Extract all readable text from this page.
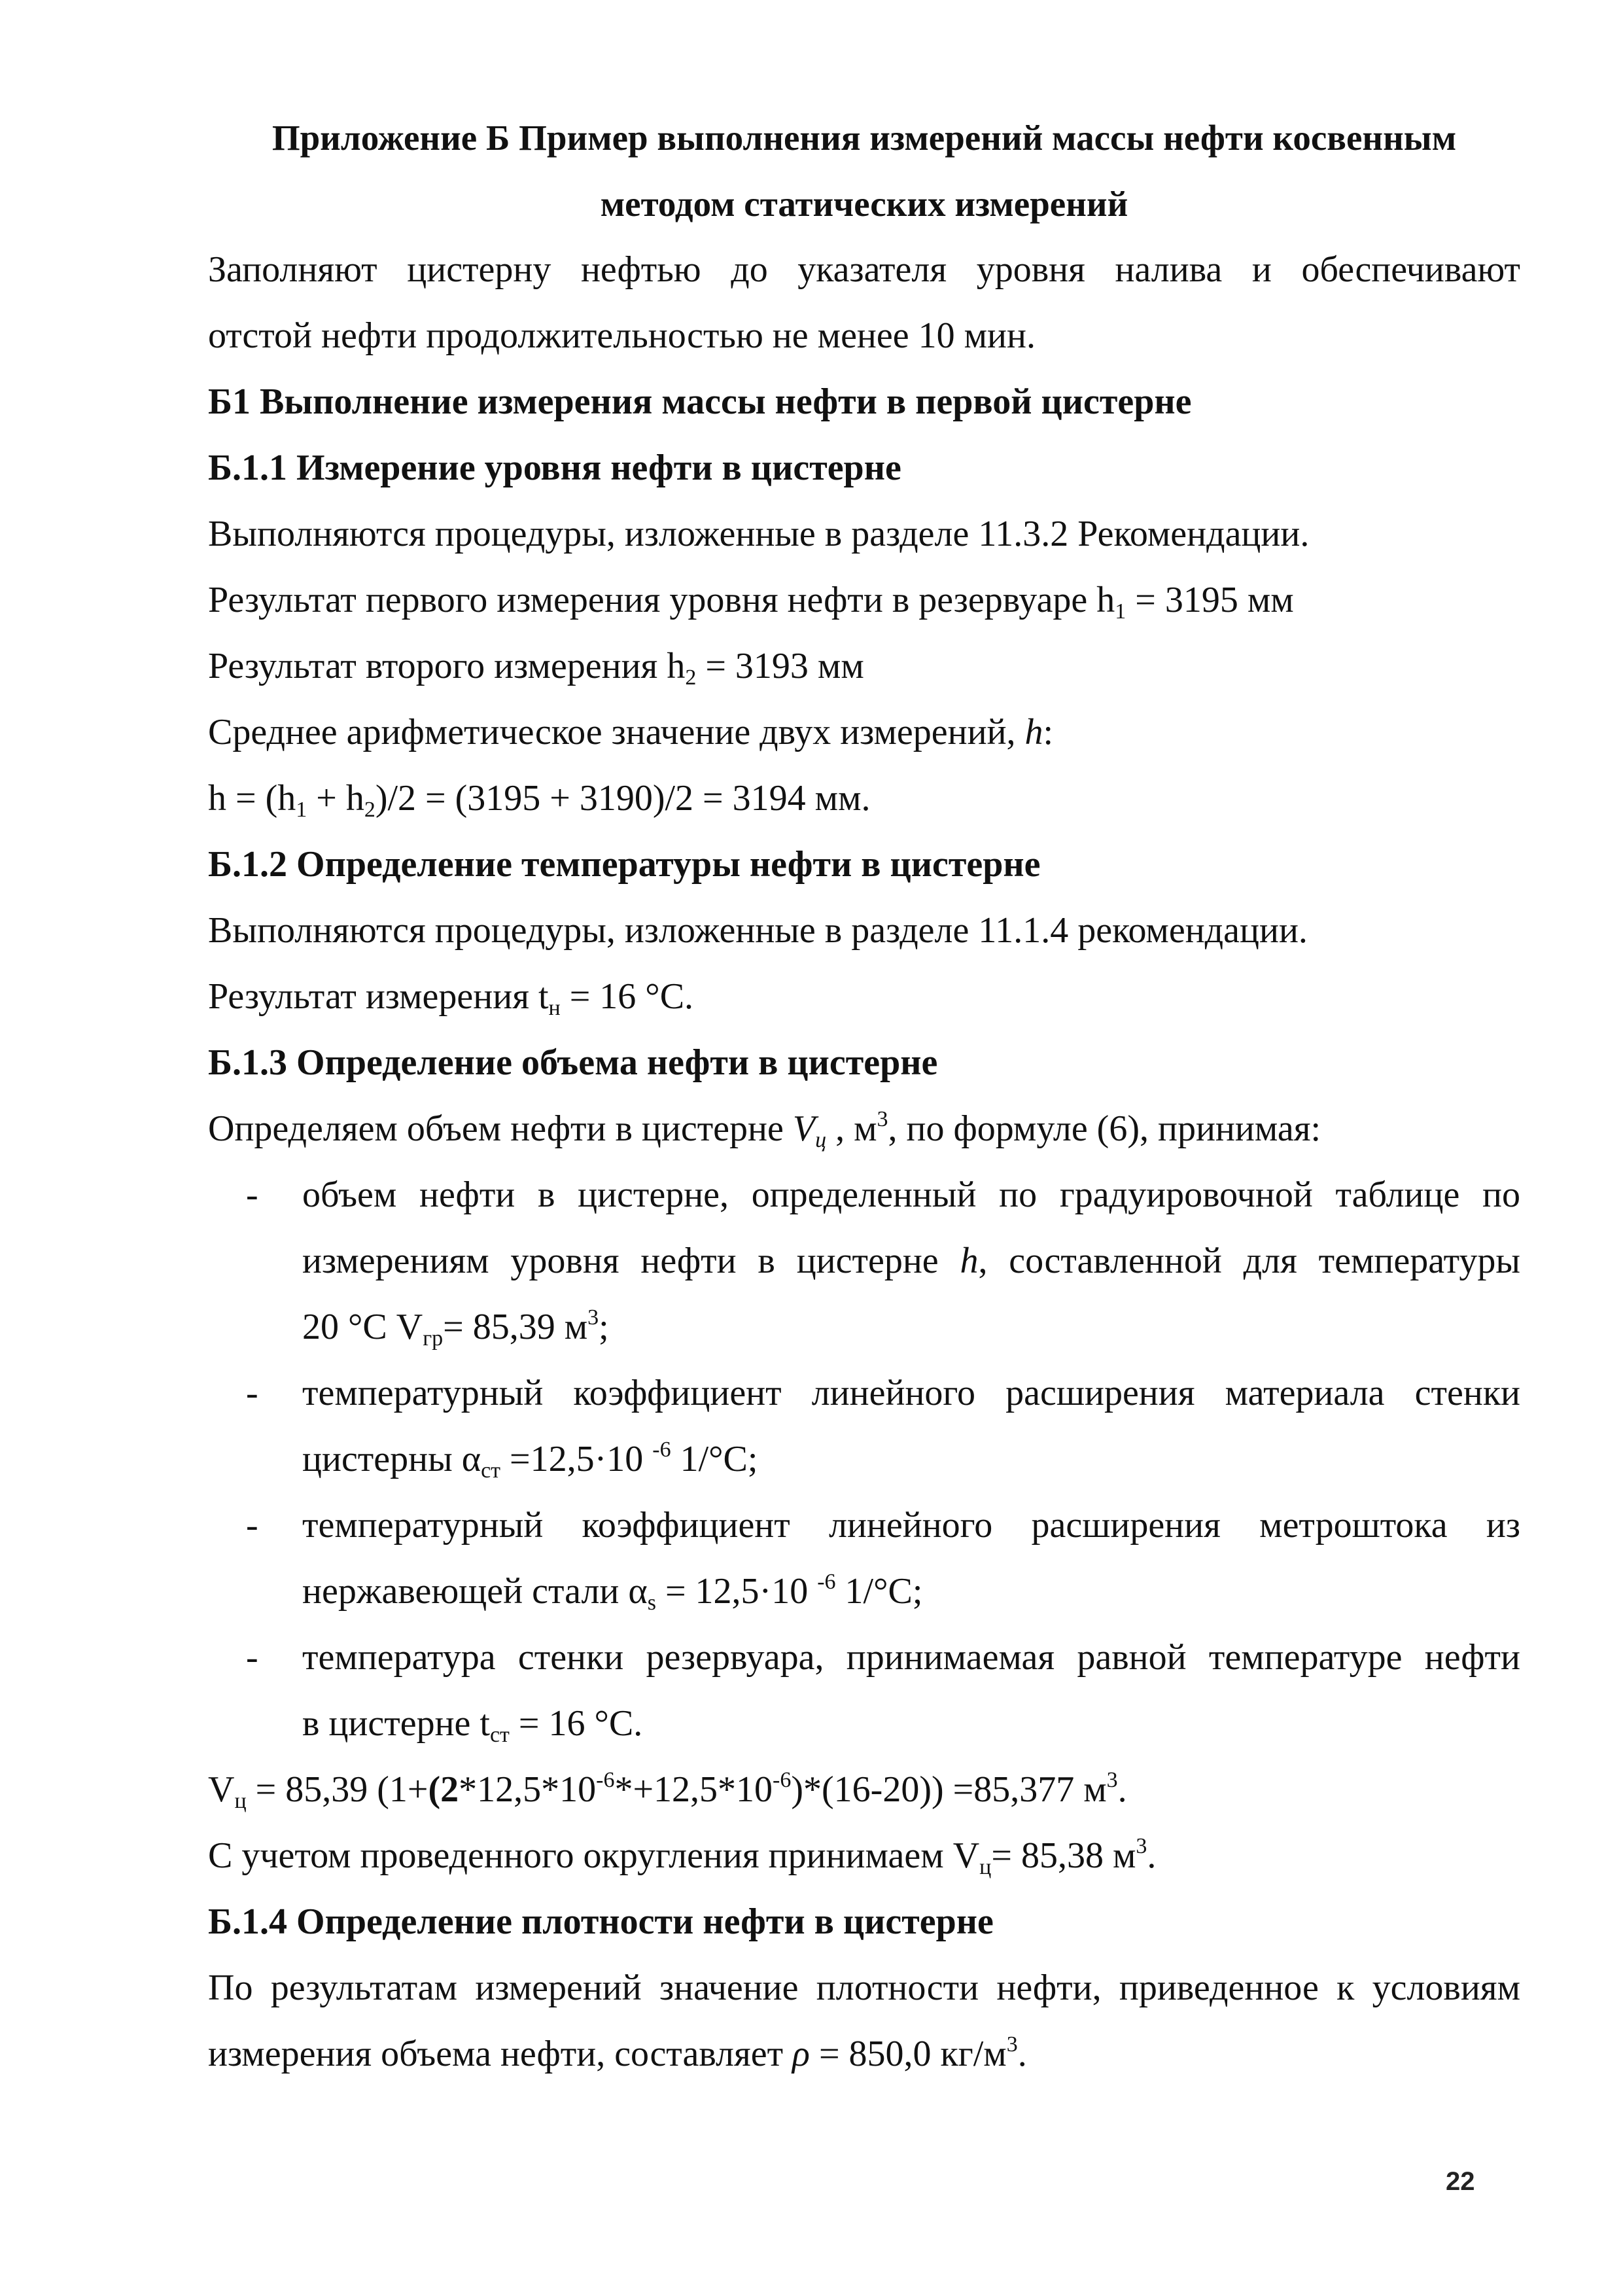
Приложение Б Пример выполнения измерений массы нефти косвенным

методом статических измерений

Заполняют цистерну нефтью до указателя уровня налива и обеспечивают

отстой нефти продолжительностью не менее 10 мин.

Б1 Выполнение измерения массы нефти в первой цистерне

Б.1.1 Измерение уровня нефти в цистерне

Выполняются процедуры, изложенные в разделе 11.3.2 Рекомендации.

Результат первого измерения уровня нефти в резервуаре $h_1 = 3195$ мм

Результат второго измерения $h_2 = 3193$ мм

Среднее арифметическое значение двух измерений, h:

$h = (h_1 + h_2)/2 = (3195 + 3190)/2 = 3194$ мм.

Б.1.2 Определение температуры нефти в цистерне

Выполняются процедуры, изложенные в разделе 11.1.4 рекомендации.

Результат измерения $t_н = 16$ °С.

Б.1.3 Определение объема нефти в цистерне

Определяем объем нефти в цистерне $V_ц$ , $м^3$, по формуле (6), принимая:

- объем нефти в цистерне, определенный по градуировочной таблице по

измерениям уровня нефти в цистерне h, составленной для температуры

20 °С $V_{гр}= 85,39$ $м^3$;

- температурный коэффициент линейного расширения материала стенки

цистерны $\alpha_{ст} =12,5\cdot 10$ $^{-6}$ 1/°С;

- температурный коэффициент линейного расширения метроштока из

нержавеющей стали $\alpha_s = 12,5\cdot 10$ $^{-6}$ 1/°С;

- температура стенки резервуара, принимаемая равной температуре нефти

в цистерне $t_{ст} = 16$ °С.

$V_ц = 85,39$ $(1+(2*12,5*10^{-6}*+12,5*10^{-6})*(16-20)) =85,377$ $м^3$.

С учетом проведенного округления принимаем $V_ц= 85,38$ $м^3$.

Б.1.4 Определение плотности нефти в цистерне

По результатам измерений значение плотности нефти, приведенное к условиям

измерения объема нефти, составляет ρ = 850,0 $кг/м^3$.

22
